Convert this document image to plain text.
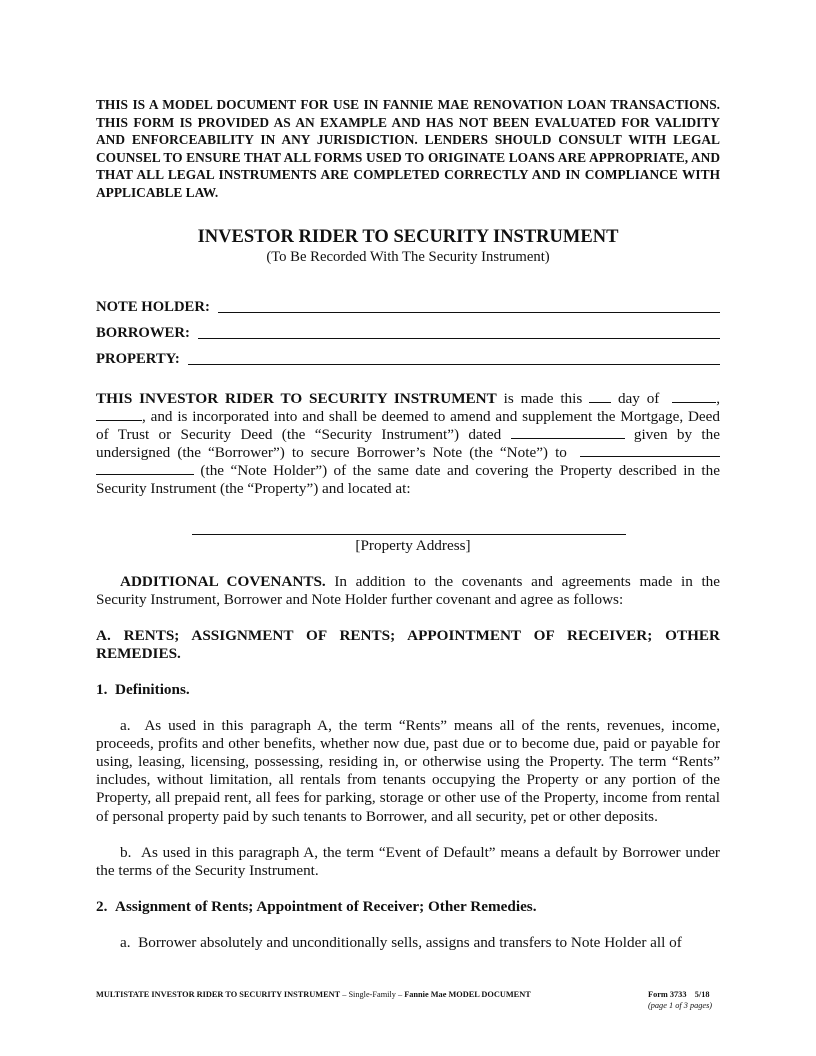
THIS IS A MODEL DOCUMENT FOR USE IN FANNIE MAE RENOVATION LOAN TRANSACTIONS. THIS FORM IS PROVIDED AS AN EXAMPLE AND HAS NOT BEEN EVALUATED FOR VALIDITY AND ENFORCEABILITY IN ANY JURISDICTION. LENDERS SHOULD CONSULT WITH LEGAL COUNSEL TO ENSURE THAT ALL FORMS USED TO ORIGINATE LOANS ARE APPROPRIATE, AND THAT ALL LEGAL INSTRUMENTS ARE COMPLETED CORRECTLY AND IN COMPLIANCE WITH APPLICABLE LAW.

INVESTOR RIDER TO SECURITY INSTRUMENT
(To Be Recorded With The Security Instrument)
NOTE HOLDER:
BORROWER:
PROPERTY:

THIS INVESTOR RIDER TO SECURITY INSTRUMENT is made this  day of	, , and is incorporated into and shall be deemed to amend and supplement the Mortgage, Deed of Trust or Security Deed (the “Security Instrument”) dated	given by the undersigned (the “Borrower”) to secure Borrower’s Note (the “Note”) to   (the “Note Holder”) of the same date and covering the Property described in the Security Instrument (the “Property”) and located at:

[Property Address]

ADDITIONAL COVENANTS. In addition to the covenants and agreements made in the Security Instrument, Borrower and Note Holder further covenant and agree as follows:

A. RENTS; ASSIGNMENT OF RENTS; APPOINTMENT OF RECEIVER; OTHER REMEDIES.

1.  Definitions.

a.  As used in this paragraph A, the term “Rents” means all of the rents, revenues, income, proceeds, profits and other benefits, whether now due, past due or to become due, paid or payable for using, leasing, licensing, possessing, residing in, or otherwise using the Property. The term “Rents” includes, without limitation, all rentals from tenants occupying the Property or any portion of the Property, all prepaid rent, all fees for parking, storage or other use of the Property, income from rental of personal property paid by such tenants to Borrower, and all security, pet or other deposits.

b.  As used in this paragraph A, the term “Event of Default” means a default by Borrower under the terms of the Security Instrument.

2.  Assignment of Rents; Appointment of Receiver; Other Remedies.

a.  Borrower absolutely and unconditionally sells, assigns and transfers to Note Holder all of

MULTISTATE INVESTOR RIDER TO SECURITY INSTRUMENT – Single-Family – Fannie Mae MODEL DOCUMENT	Form 3733    5/18
(page 1 of 3 pages)
